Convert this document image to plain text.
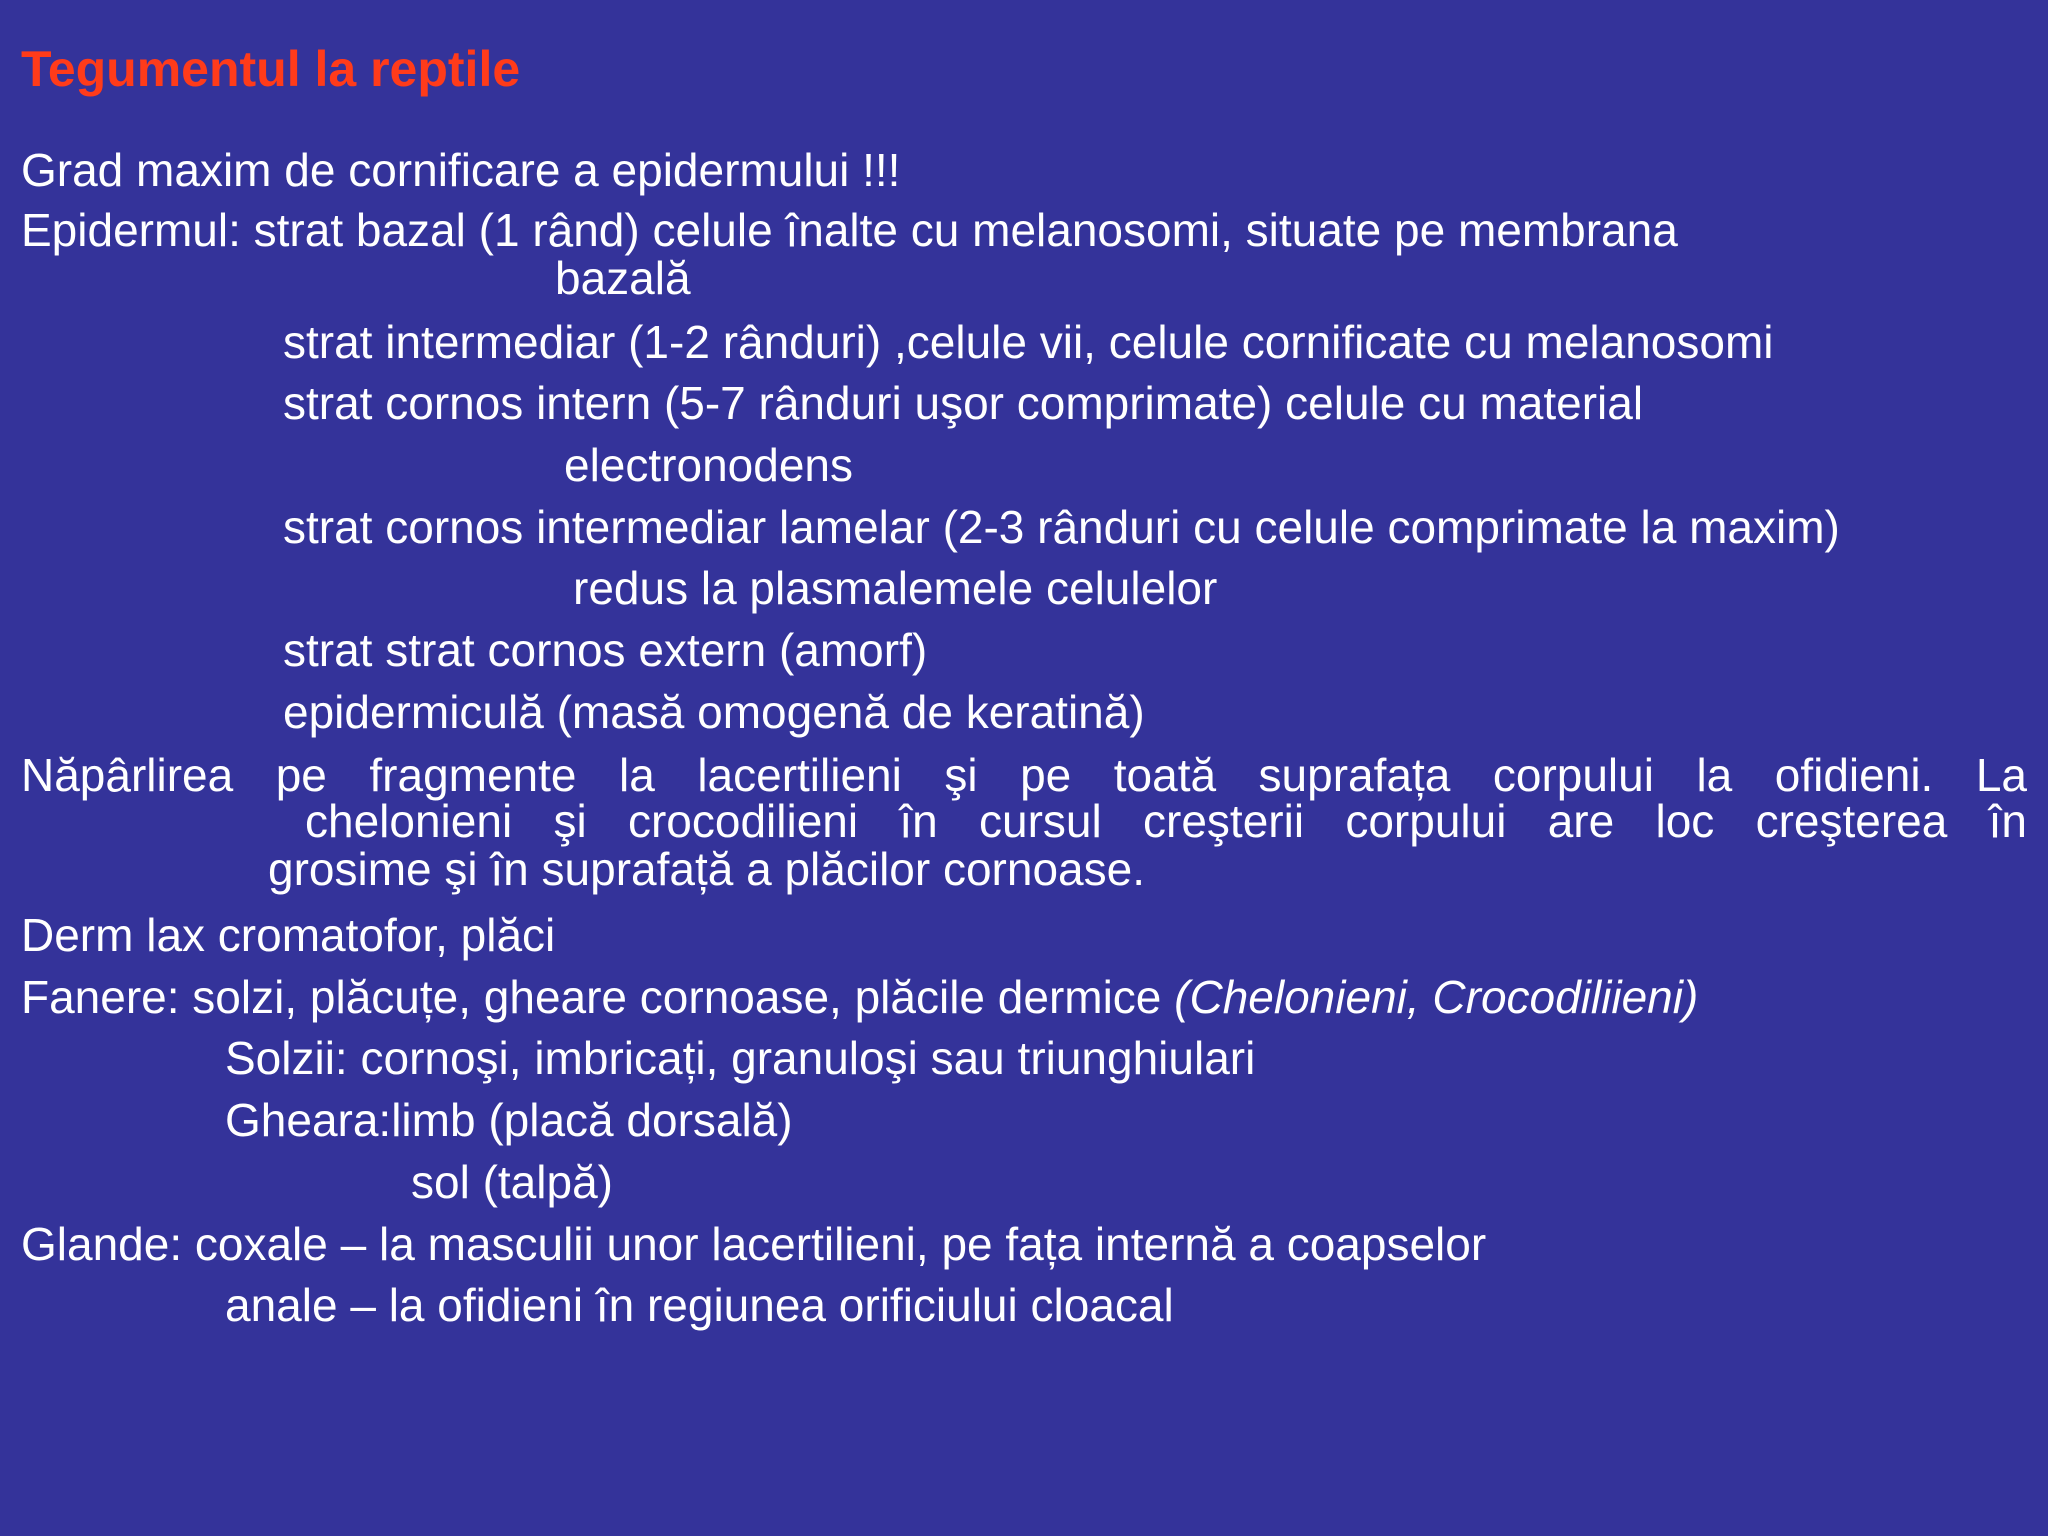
Tegumentul la reptile
Grad maxim de cornificare a epidermului !!!
Epidermul: strat bazal (1 rând) celule înalte cu melanosomi, situate pe membrana
bazală
strat intermediar (1-2 rânduri) ,celule vii, celule cornificate cu melanosomi
strat cornos intern (5-7 rânduri uşor comprimate) celule cu material
electronodens
strat cornos intermediar lamelar (2-3 rânduri cu celule comprimate la maxim)
redus la plasmalemele celulelor
strat strat cornos extern (amorf)
epidermiculă (masă omogenă de keratină)
Năpârlirea pe fragmente la lacertilieni şi pe toată suprafața corpului la ofidieni. La
chelonieni şi crocodilieni în cursul creşterii corpului are loc creşterea în
grosime şi în suprafață a plăcilor cornoase.
Derm lax cromatofor, plăci
Fanere: solzi, plăcuțe, gheare cornoase, plăcile dermice (Chelonieni, Crocodiliieni)
Solzii: cornoşi, imbricați, granuloşi sau triunghiulari
Gheara:limb (placă dorsală)
sol (talpă)
Glande: coxale – la masculii unor lacertilieni, pe fața internă a coapselor
anale – la ofidieni în regiunea orificiului cloacal
